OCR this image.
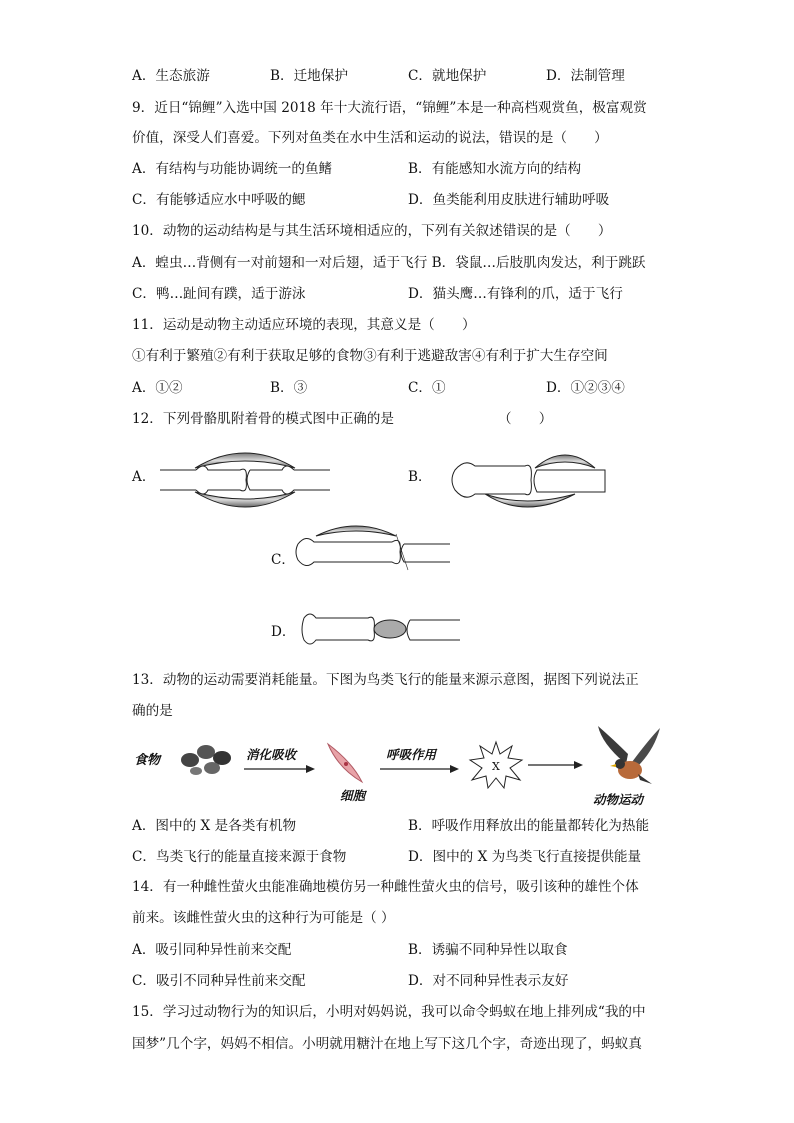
A．生态旅游	B．迁地保护	C．就地保护	D．法制管理
9．近日“锦鲤”入选中国 2018 年十大流行语，“锦鲤”本是一种高档观赏鱼，极富观赏
价值，深受人们喜爱。下列对鱼类在水中生活和运动的说法，错误的是（　　）
A．有结构与功能协调统一的鱼鳍	B．有能感知水流方向的结构
C．有能够适应水中呼吸的鳃	D．鱼类能利用皮肤进行辅助呼吸
10．动物的运动结构是与其生活环境相适应的，下列有关叙述错误的是（　　）
A．蝗虫…背侧有一对前翅和一对后翅，适于飞行 B．袋鼠…后肢肌肉发达，利于跳跃
C．鸭…趾间有蹼，适于游泳	D．猫头鹰…有锋利的爪，适于飞行
11．运动是动物主动适应环境的表现，其意义是（　　）
①有利于繁殖②有利于获取足够的食物③有利于逃避敌害④有利于扩大生存空间
A．①②	B．③	C．①	D．①②③④
12．下列骨骼肌附着骨的模式图中正确的是	（　　）
A．	B．
C．
D．
13．动物的运动需要消耗能量。下图为鸟类飞行的能量来源示意图，据图下列说法正
确的是
食物	消化吸收
细胞
呼吸作用
X
动物运动
A．图中的 X 是各类有机物	B．呼吸作用释放出的能量都转化为热能
C．鸟类飞行的能量直接来源于食物	D．图中的 X 为鸟类飞行直接提供能量
14．有一种雌性萤火虫能准确地模仿另一种雌性萤火虫的信号，吸引该种的雄性个体
前来。该雌性萤火虫的这种行为可能是（ ）
A．吸引同种异性前来交配	B．诱骗不同种异性以取食
C．吸引不同种异性前来交配	D．对不同种异性表示友好
15．学习过动物行为的知识后，小明对妈妈说，我可以命令蚂蚁在地上排列成“我的中
国梦”几个字，妈妈不相信。小明就用糖汁在地上写下这几个字，奇迹出现了，蚂蚁真
